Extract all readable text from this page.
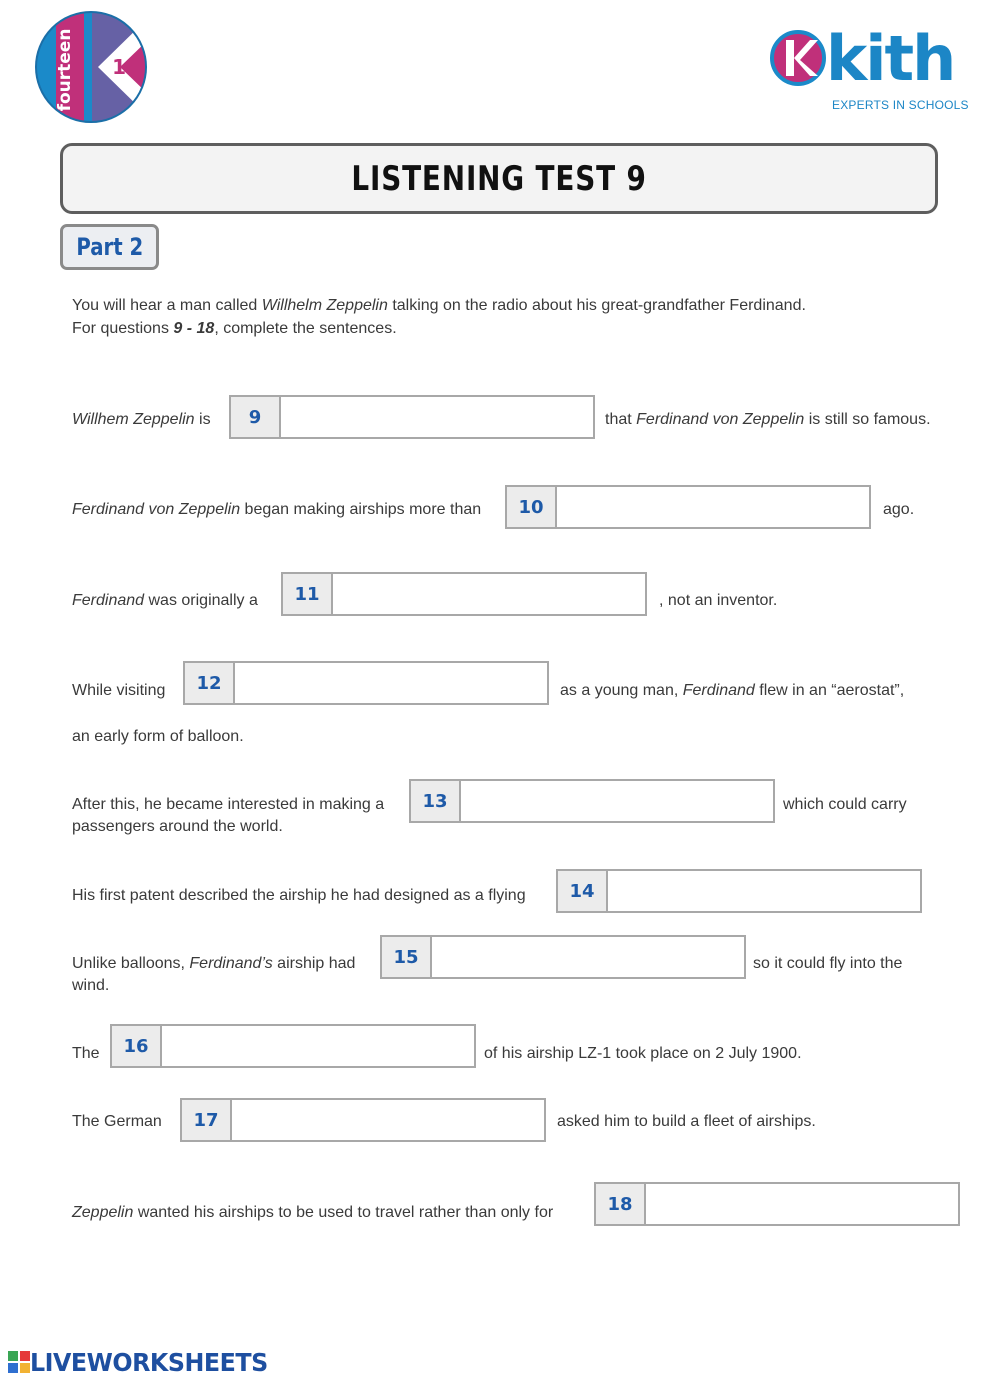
fourteen 14	kith
EXPERTS IN SCHOOLS
LISTENING TEST 9
Part 2
You will hear a man called Willhelm Zeppelin talking on the radio about his great-grandfather Ferdinand.
For questions 9 - 18, complete the sentences.
Willhem Zeppelin is	9	that Ferdinand von Zeppelin is still so famous.
Ferdinand von Zeppelin began making airships more than	10	ago.
Ferdinand was originally a	11	, not an inventor.
While visiting	12	as a young man, Ferdinand flew in an “aerostat”,
an early form of balloon.
After this, he became interested in making a	13	which could carry
passengers around the world.
His first patent described the airship he had designed as a flying	14
Unlike balloons, Ferdinand’s airship had	15	so it could fly into the
wind.
The	16	of his airship LZ-1 took place on 2 July 1900.
The German	17	asked him to build a fleet of airships.
Zeppelin wanted his airships to be used to travel rather than only for	18
LIVEWORKSHEETS
